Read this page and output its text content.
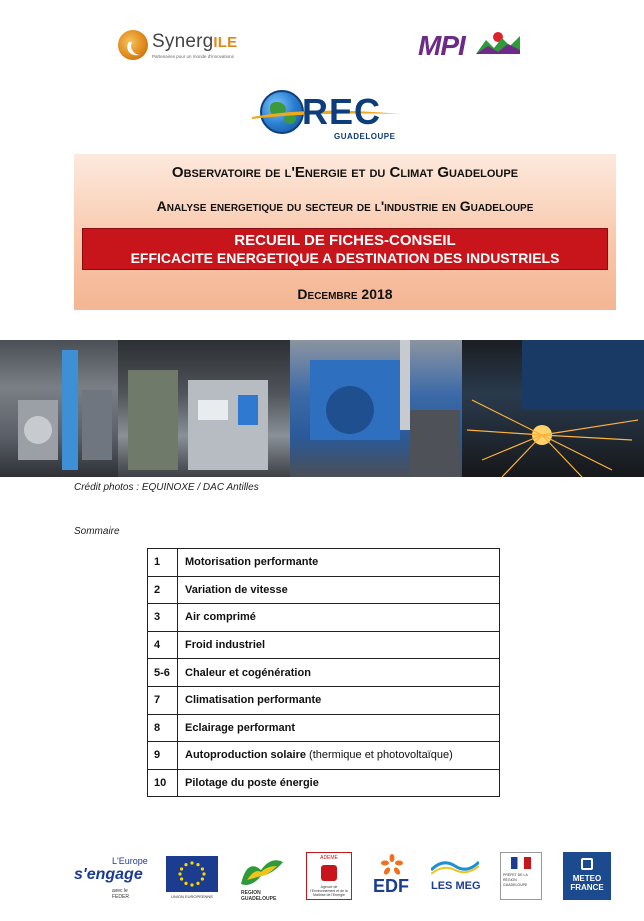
SynergILE
Partenaires pour un monde d'innovations	MPI
REC
GUADELOUPE
Observatoire de l'Energie et du Climat Guadeloupe
Analyse energetique du secteur de l'industrie en Guadeloupe
RECUEIL DE FICHES-CONSEIL
EFFICACITE ENERGETIQUE A DESTINATION DES INDUSTRIELS
Decembre 2018
Crédit photos : EQUINOXE / DAC Antilles
Sommaire
1	Motorisation performante
2	Variation de vitesse
3	Air comprimé
4	Froid industriel
5-6	Chaleur et cogénération
7	Climatisation performante
8	Eclairage performant
9	Autoproduction solaire (thermique et photovoltaïque)
10	Pilotage du poste énergie
L'Europe
s'engage
avec le FEDER	UNION EUROPEENNE
REGION GUADELOUPE
ADEME
Agence de l'Environnement et de la Maîtrise de l'Energie EDF LES MEG
PRÉFET DE LA RÉGION GUADELOUPE
METEO
FRANCE
